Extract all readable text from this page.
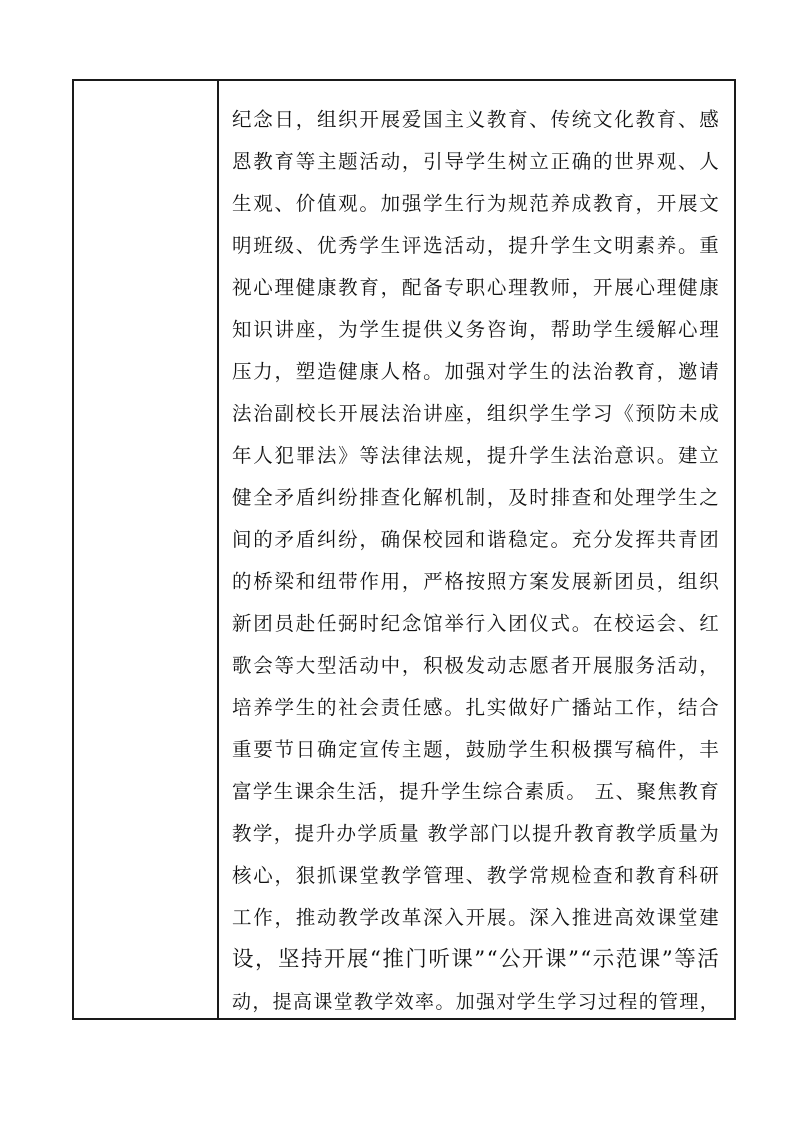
纪念日，组织开展爱国主义教育、传统文化教育、感
恩教育等主题活动，引导学生树立正确的世界观、人
生观、价值观。加强学生行为规范养成教育，开展文
明班级、优秀学生评选活动，提升学生文明素养。重
视心理健康教育，配备专职心理教师，开展心理健康
知识讲座，为学生提供义务咨询，帮助学生缓解心理
压力，塑造健康人格。加强对学生的法治教育，邀请
法治副校长开展法治讲座，组织学生学习《预防未成
年人犯罪法》等法律法规，提升学生法治意识。建立
健全矛盾纠纷排查化解机制，及时排查和处理学生之
间的矛盾纠纷，确保校园和谐稳定。充分发挥共青团
的桥梁和纽带作用，严格按照方案发展新团员，组织
新团员赴任弼时纪念馆举行入团仪式。在校运会、红
歌会等大型活动中，积极发动志愿者开展服务活动，
培养学生的社会责任感。扎实做好广播站工作，结合
重要节日确定宣传主题，鼓励学生积极撰写稿件，丰
富学生课余生活，提升学生综合素质。 五、聚焦教育
教学，提升办学质量 教学部门以提升教育教学质量为
核心，狠抓课堂教学管理、教学常规检查和教育科研
工作，推动教学改革深入开展。深入推进高效课堂建
设，坚持开展“推门听课”“公开课”“示范课”等活
动，提高课堂教学效率。加强对学生学习过程的管理，
